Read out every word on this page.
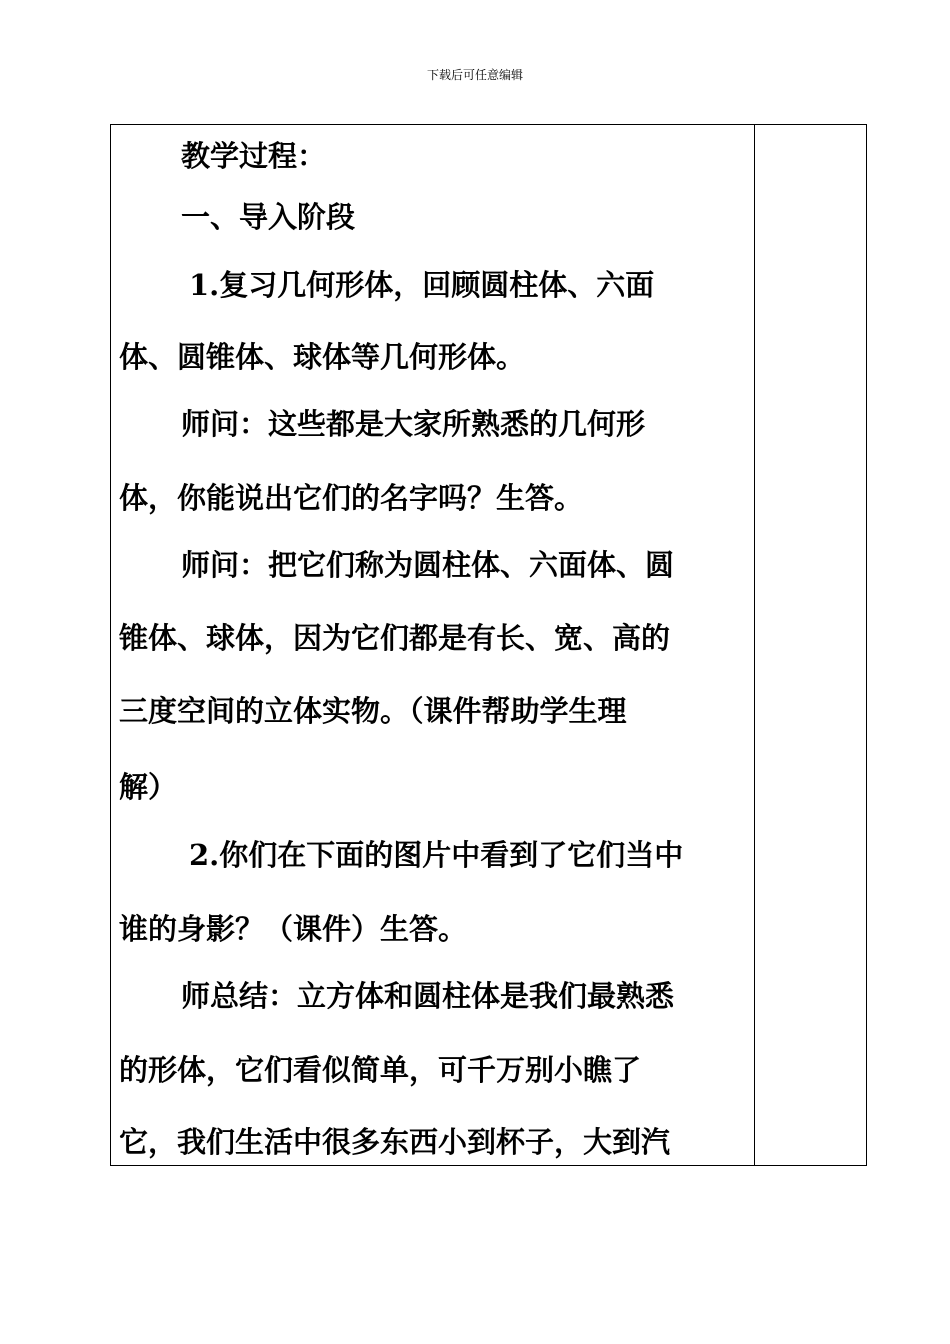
下载后可任意编辑
教学过程：
一、导入阶段
1.复习几何形体，回顾圆柱体、六面
体、圆锥体、球体等几何形体。
师问：这些都是大家所熟悉的几何形
体，你能说出它们的名字吗？生答。
师问：把它们称为圆柱体、六面体、圆
锥体、球体，因为它们都是有长、宽、高的
三度空间的立体实物。（课件帮助学生理
解）
2.你们在下面的图片中看到了它们当中
谁的身影？（课件）生答。
师总结：立方体和圆柱体是我们最熟悉
的形体，它们看似简单，可千万别小瞧了
它，我们生活中很多东西小到杯子，大到汽
